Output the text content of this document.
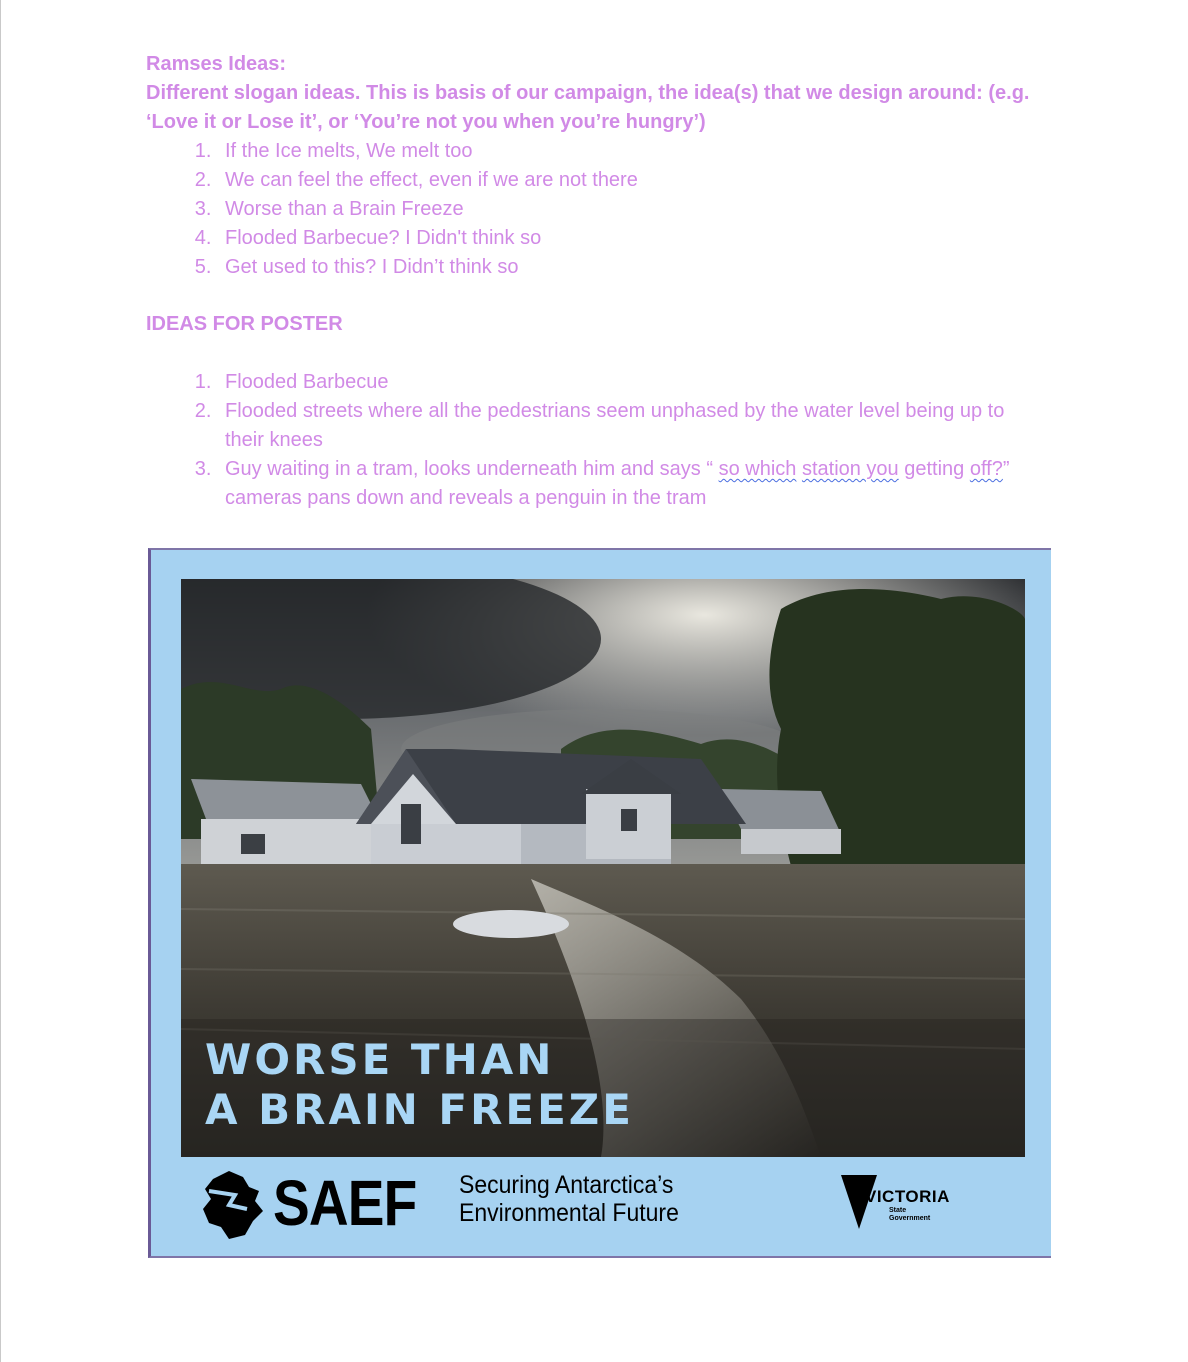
Ramses Ideas:
Different slogan ideas. This is basis of our campaign, the idea(s) that we design around: (e.g. ‘Love it or Lose it’, or ‘You’re not you when you’re hungry’)
1. If the Ice melts, We melt too
2. We can feel the effect, even if we are not there
3. Worse than a Brain Freeze
4. Flooded Barbecue? I Didn't think so
5. Get used to this? I Didn’t think so
IDEAS FOR POSTER
1. Flooded Barbecue
2. Flooded streets where all the pedestrians seem unphased by the water level being up to their knees
3. Guy waiting in a tram, looks underneath him and says “ so which station you getting off?” cameras pans down and reveals a penguin in the tram
WORSE THAN
A BRAIN FREEZE
SAEF Securing Antarctica’s
Environmental Future
VICTORIA
State
Government
